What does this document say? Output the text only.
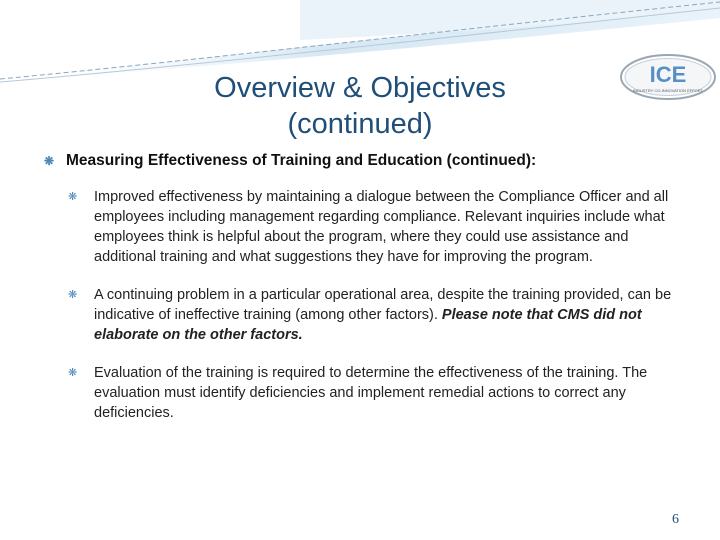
Overview & Objectives
(continued)
ICE
INDUSTRY CO-INNOVATION EFFORT
❋ Measuring Effectiveness of Training and Education (continued):
❋	Improved effectiveness by maintaining a dialogue between the Compliance Officer and all employees including management regarding compliance. Relevant inquiries include what employees think is helpful about the program, where they could use assistance and additional training and what suggestions they have for improving the program.
❋	A continuing problem in a particular operational area, despite the training provided, can be indicative of ineffective training (among other factors). Please note that CMS did not elaborate on the other factors.
❋	Evaluation of the training is required to determine the effectiveness of the training. The evaluation must identify deficiencies and implement remedial actions to correct any deficiencies.
6
